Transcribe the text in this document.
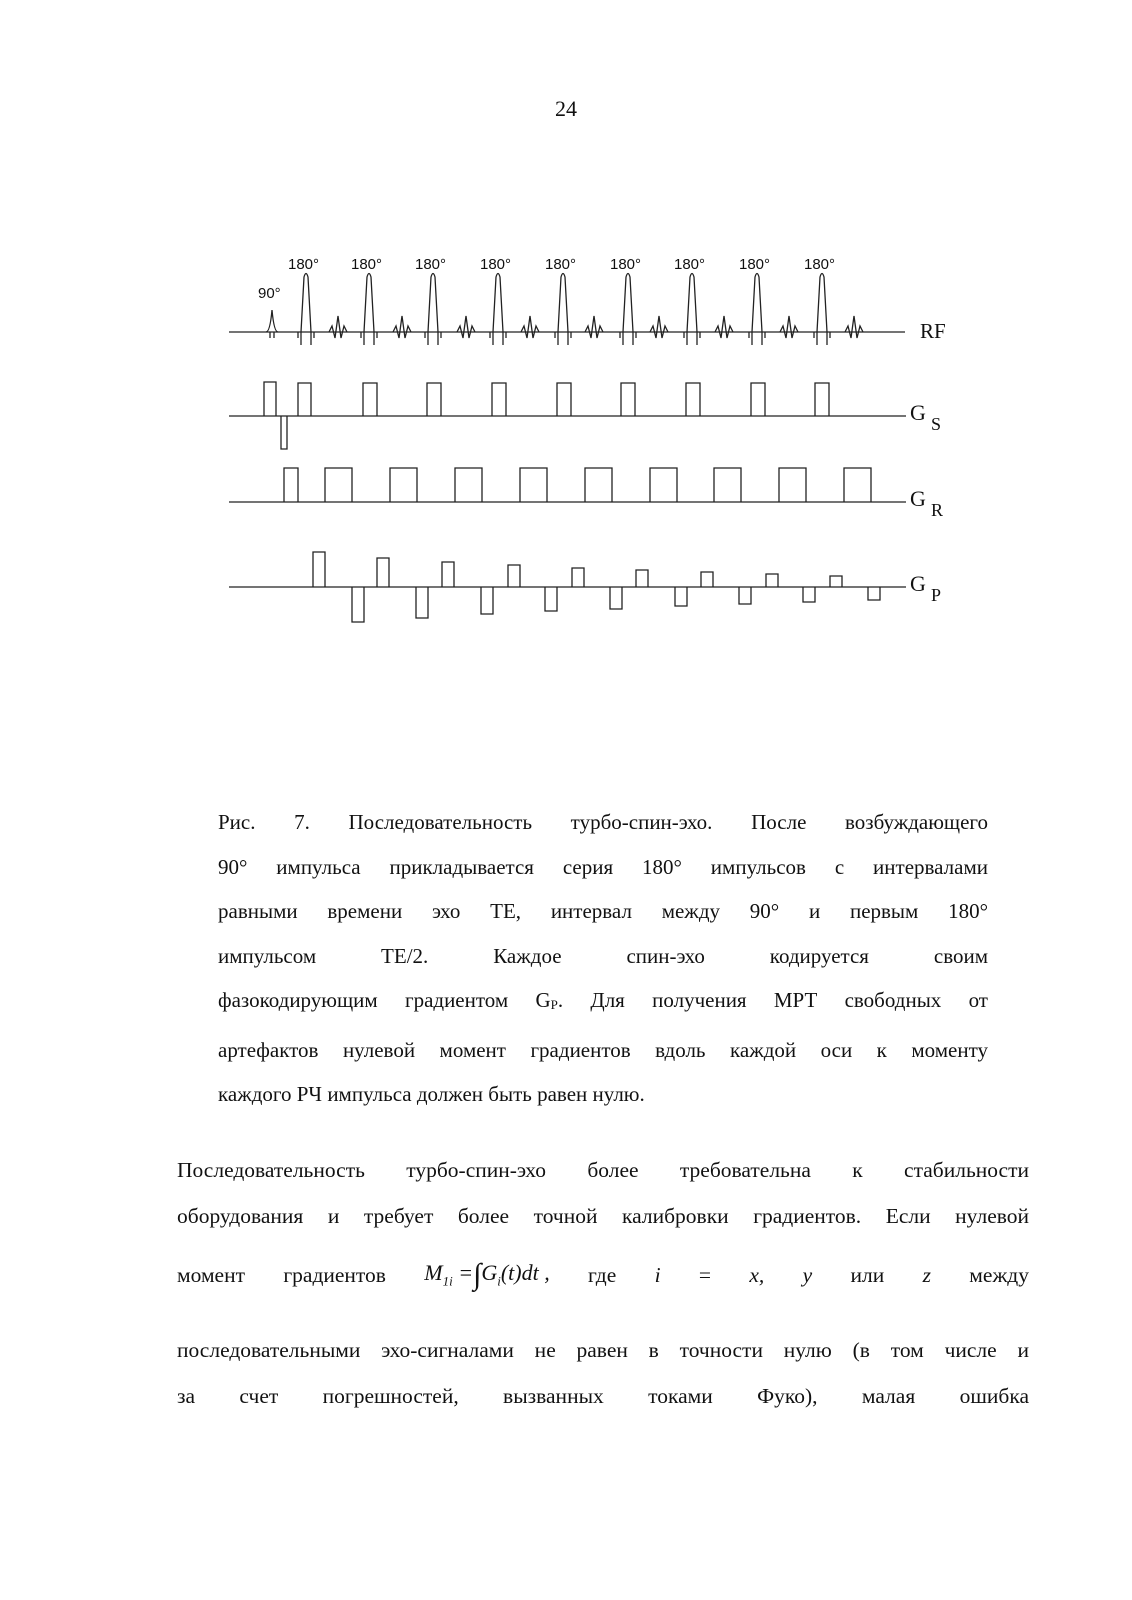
24
90°
180° 180° 180° 180° 180° 180° 180° 180° 180°
RF
G S
G R
G P
Рис. 7. Последовательность турбо-спин-эхо. После возбуждающего
90° импульса прикладывается серия 180° импульсов с интервалами
равными времени эхо TE, интервал между 90° и первым 180°
импульсом TE/2. Каждое спин-эхо кодируется своим
фазокодирующим градиентом $G_P$. Для получения МРТ свободных от
артефактов нулевой момент градиентов вдоль каждой оси к моменту
каждого РЧ импульса должен быть равен нулю.
Последовательность турбо-спин-эхо более требовательна к стабильности
оборудования и требует более точной калибровки градиентов. Если нулевой
момент градиентов $M_{1i} =\int G_i(t)dt$ , где i = x, y или z между
последовательными эхо-сигналами не равен в точности нулю (в том числе и
за счет погрешностей, вызванных токами Фуко), малая ошибка
